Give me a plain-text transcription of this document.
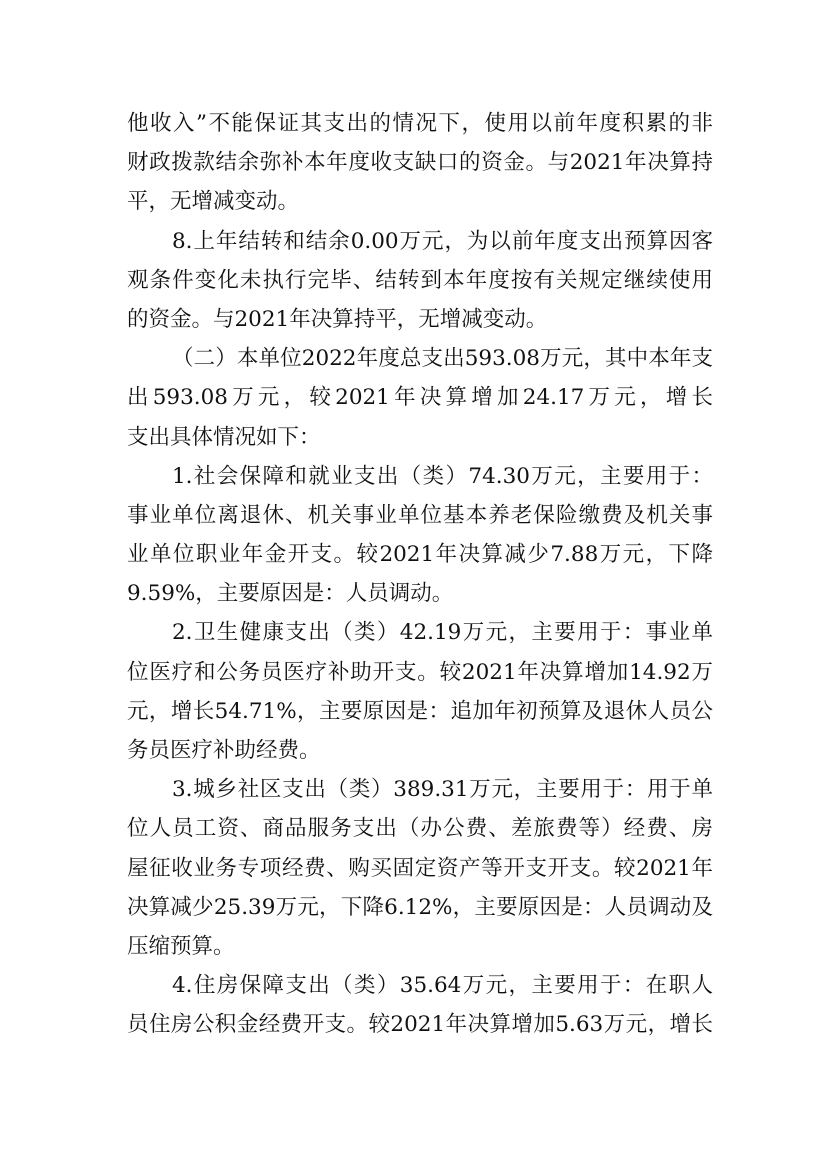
他收入”不能保证其支出的情况下，使用以前年度积累的非
财政拨款结余弥补本年度收支缺口的资金。与2021年决算持
平，无增减变动。
8.上年结转和结余0.00万元，为以前年度支出预算因客
观条件变化未执行完毕、结转到本年度按有关规定继续使用
的资金。与2021年决算持平，无增减变动。
（二）本单位2022年度总支出593.08万元，其中本年支
出593.08万元，较2021年决算增加24.17万元，增长
支出具体情况如下：
1.社会保障和就业支出（类）74.30万元，主要用于：
事业单位离退休、机关事业单位基本养老保险缴费及机关事
业单位职业年金开支。较2021年决算减少7.88万元，下降
9.59%，主要原因是：人员调动。
2.卫生健康支出（类）42.19万元，主要用于：事业单
位医疗和公务员医疗补助开支。较2021年决算增加14.92万
元，增长54.71%，主要原因是：追加年初预算及退休人员公
务员医疗补助经费。
3.城乡社区支出（类）389.31万元，主要用于：用于单
位人员工资、商品服务支出（办公费、差旅费等）经费、房
屋征收业务专项经费、购买固定资产等开支开支。较2021年
决算减少25.39万元，下降6.12%，主要原因是：人员调动及
压缩预算。
4.住房保障支出（类）35.64万元，主要用于：在职人
员住房公积金经费开支。较2021年决算增加5.63万元，增长
